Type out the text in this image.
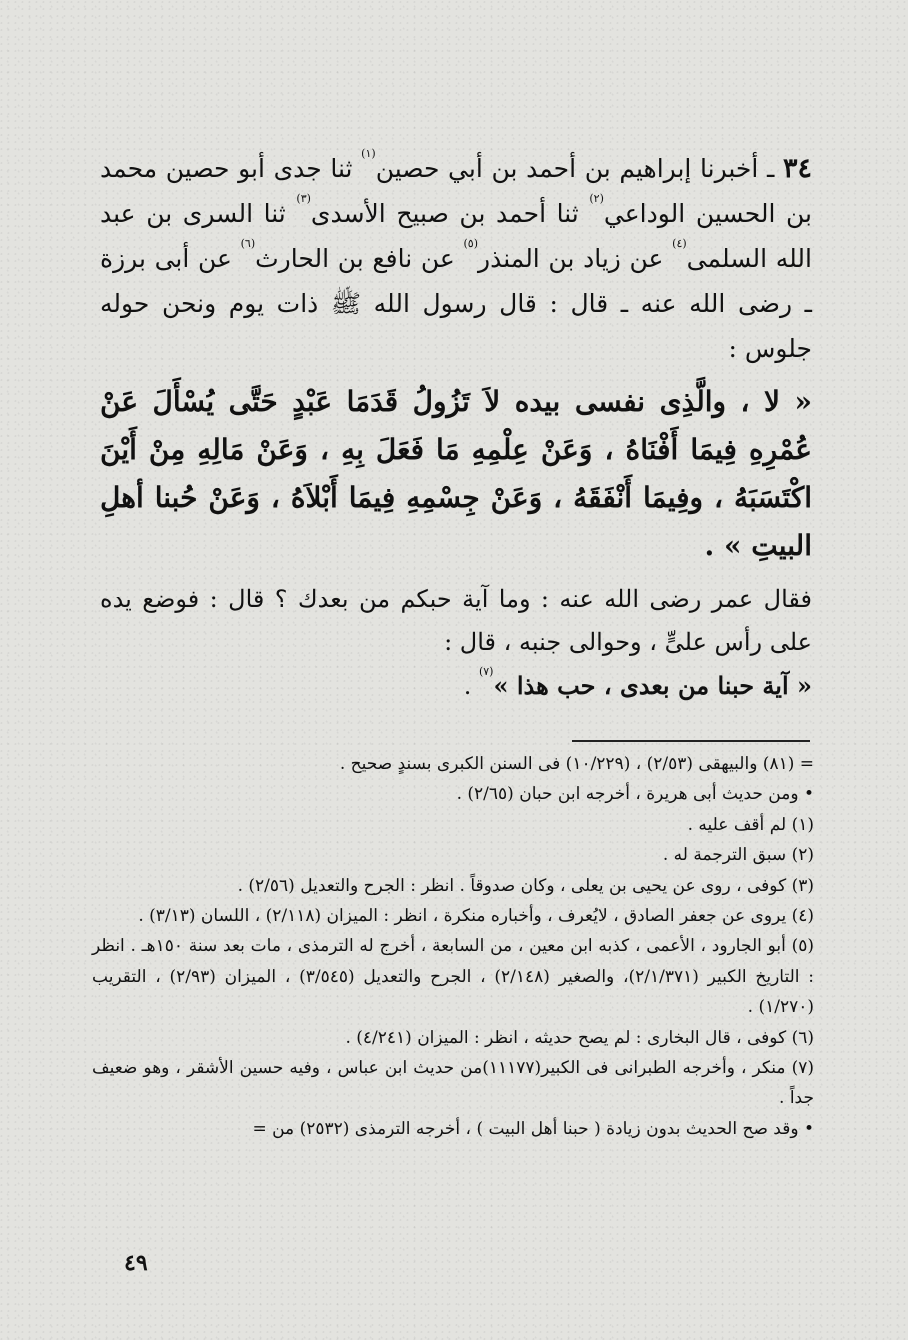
٣٤ ـ أخبرنا إبراهيم بن أحمد بن أبي حصين$^{(١)}$ ثنا جدى أبو حصين محمد بن الحسين الوداعي$^{(٢)}$ ثنا أحمد بن صبيح الأسدى$^{(٣)}$ ثنا السرى بن عبد الله السلمى$^{(٤)}$ عن زياد بن المنذر$^{(٥)}$ عن نافع بن الحارث$^{(٦)}$ عن أبى برزة ـ رضى الله عنه ـ قال : قال رسول الله ﷺ ذات يوم ونحن حوله جلوس :
« لا ، والَّذِى نفسى بيده لاَ تَزُولُ قَدَمَا عَبْدٍ حَتَّى يُسْأَلَ عَنْ عُمْرِهِ فِيمَا أَفْنَاهُ ، وَعَنْ عِلْمِهِ مَا فَعَلَ بِهِ ، وَعَنْ مَالِهِ مِنْ أَيْنَ اكْتَسَبَهُ ، وفِيمَا أَنْفَقَهُ ، وَعَنْ جِسْمِهِ فِيمَا أَبْلاَهُ ، وَعَنْ حُبنا أهلِ البيتِ » .
فقال عمر رضى الله عنه : وما آية حبكم من بعدك ؟ قال : فوضع يده على رأس علىٍّ ، وحوالى جنبه ، قال :
« آية حبنا من بعدى ، حب هذا »$^{(٧)}$ .
= (٨١) والبيهقى (٢/٥٣) ، (١٠/٢٢٩) فى السنن الكبرى بسندٍ صحيح .
• ومن حديث أبى هريرة ، أخرجه ابن حبان (٢/٦٥) .
(١) لم أقف عليه .
(٢) سبق الترجمة له .
(٣) كوفى ، روى عن يحيى بن يعلى ، وكان صدوقاً . انظر : الجرح والتعديل (٢/٥٦) .
(٤) يروى عن جعفر الصادق ، لايُعرف ، وأخباره منكرة ، انظر : الميزان (٢/١١٨) ، اللسان (٣/١٣) .
(٥) أبو الجارود ، الأعمى ، كذبه ابن معين ، من السابعة ، أخرج له الترمذى ، مات بعد سنة ١٥٠هـ . انظر : التاريخ الكبير (٢/١/٣٧١)، والصغير (٢/١٤٨) ، الجرح والتعديل (٣/٥٤٥) ، الميزان (٢/٩٣) ، التقريب (١/٢٧٠) .
(٦) كوفى ، قال البخارى : لم يصح حديثه ، انظر : الميزان (٤/٢٤١) .
(٧) منكر ، وأخرجه الطبرانى فى الكبير(١١١٧٧)من حديث ابن عباس ، وفيه حسين الأشقر ، وهو ضعيف جداً .
• وقد صح الحديث بدون زيادة ( حبنا أهل البيت ) ، أخرجه الترمذى (٢٥٣٢) من =
٤٩
